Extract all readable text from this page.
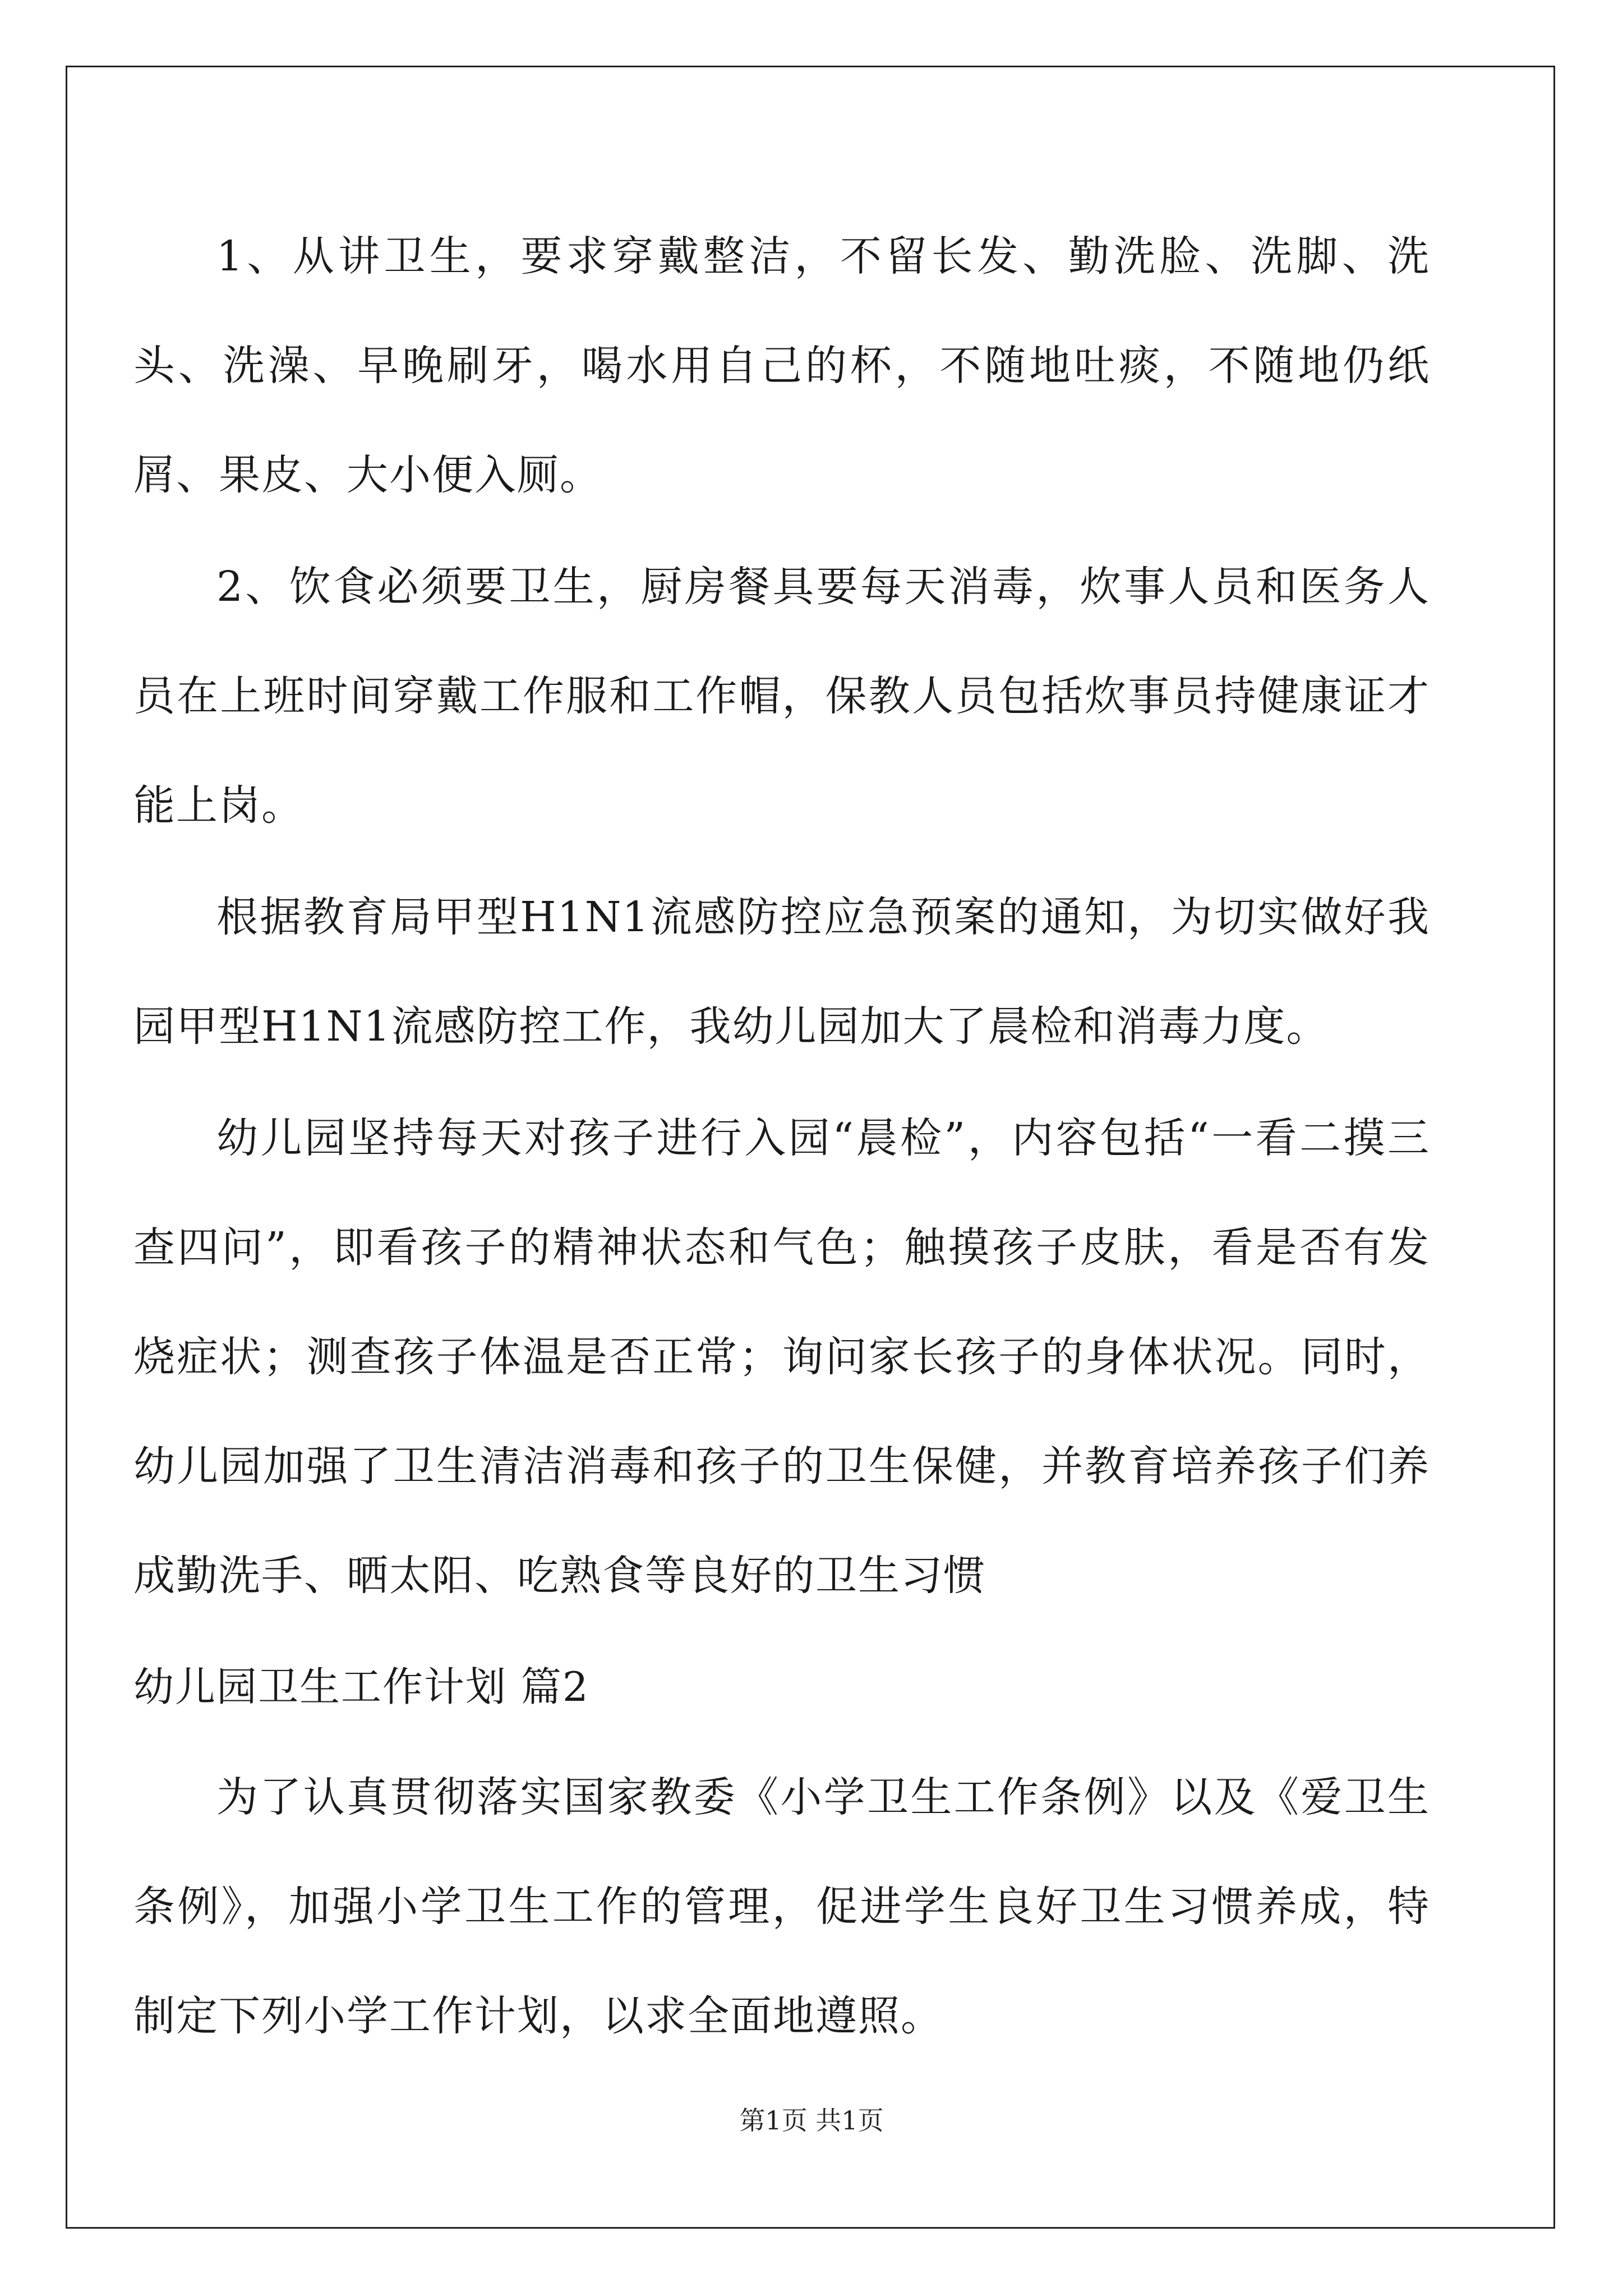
1、从讲卫生，要求穿戴整洁，不留长发、勤洗脸、洗脚、洗头、洗澡、早晚刷牙，喝水用自己的杯，不随地吐痰，不随地仍纸屑、果皮、大小便入厕。

2、饮食必须要卫生，厨房餐具要每天消毒，炊事人员和医务人员在上班时间穿戴工作服和工作帽，保教人员包括炊事员持健康证才能上岗。

根据教育局甲型H1N1流感防控应急预案的通知，为切实做好我园甲型H1N1流感防控工作，我幼儿园加大了晨检和消毒力度。

幼儿园坚持每天对孩子进行入园“晨检”，内容包括“一看二摸三查四问”，即看孩子的精神状态和气色；触摸孩子皮肤，看是否有发烧症状；测查孩子体温是否正常；询问家长孩子的身体状况。同时，幼儿园加强了卫生清洁消毒和孩子的卫生保健，并教育培养孩子们养成勤洗手、晒太阳、吃熟食等良好的卫生习惯

幼儿园卫生工作计划 篇2

为了认真贯彻落实国家教委《小学卫生工作条例》以及《爱卫生条例》，加强小学卫生工作的管理，促进学生良好卫生习惯养成，特制定下列小学工作计划，以求全面地遵照。

第1页 共1页
